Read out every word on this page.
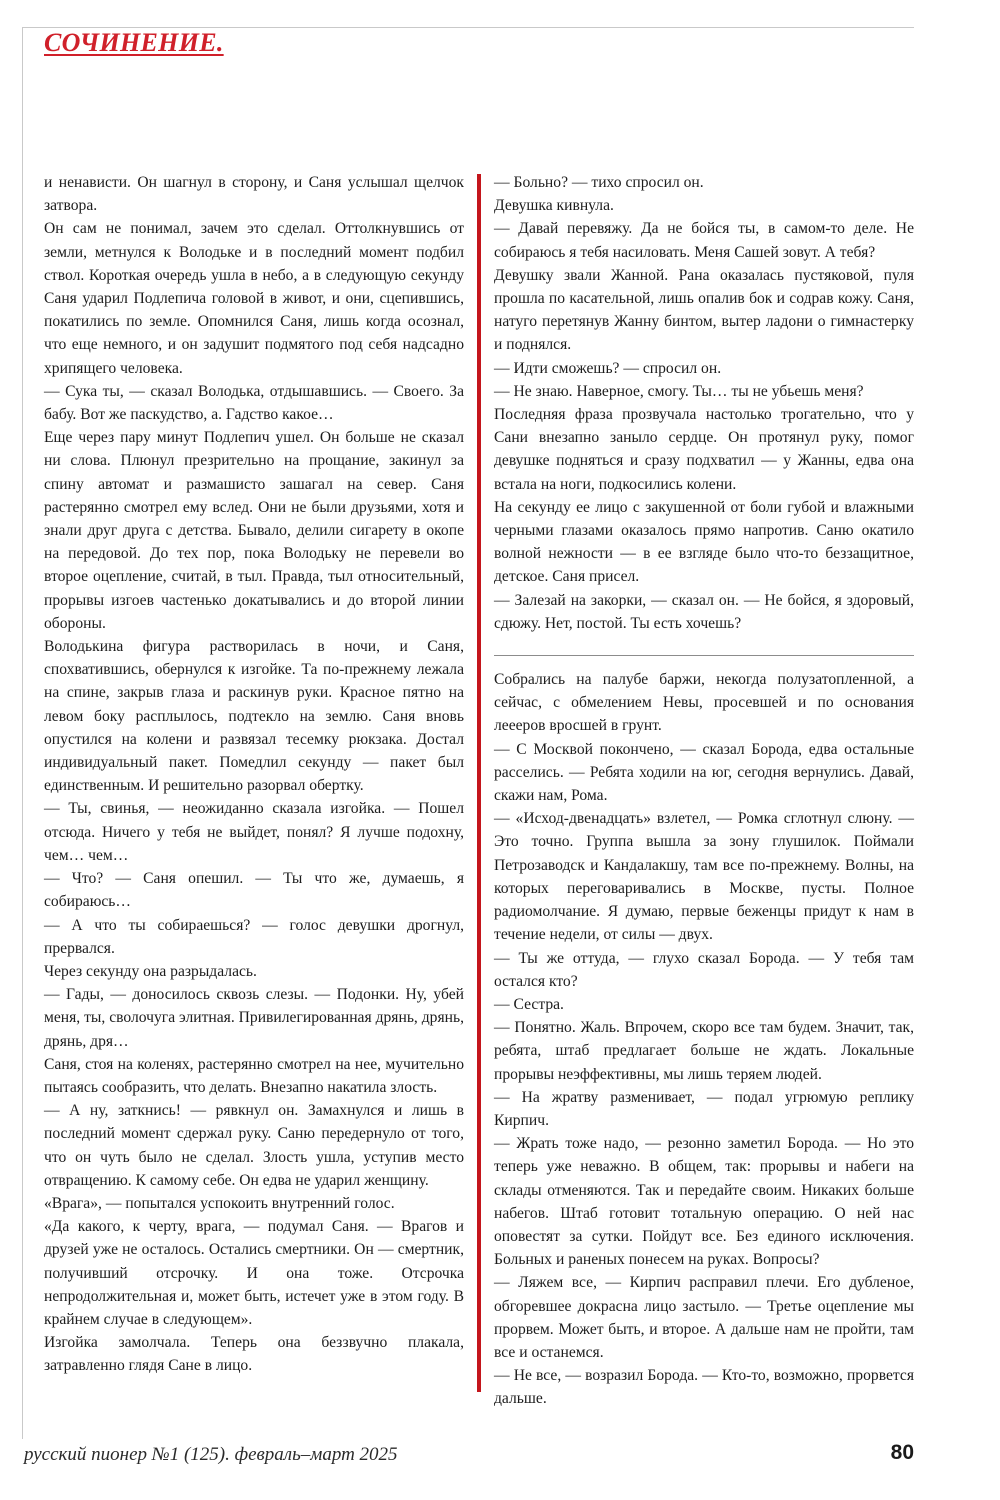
СОЧИНЕНИЕ.

и ненависти. Он шагнул в сторону, и Саня услышал щелчок затвора.

Он сам не понимал, зачем это сделал. Оттолкнувшись от земли, метнулся к Володьке и в последний момент подбил ствол. Короткая очередь ушла в небо, а в следующую секунду Саня ударил Подлепича головой в живот, и они, сцепившись, покатились по земле. Опомнился Саня, лишь когда осознал, что еще немного, и он задушит подмятого под себя надсадно хрипящего человека.

— Сука ты, — сказал Володька, отдышавшись. — Своего. За бабу. Вот же паскудство, а. Гадство какое…

Еще через пару минут Подлепич ушел. Он больше не сказал ни слова. Плюнул презрительно на прощание, закинул за спину автомат и размашисто зашагал на север. Саня растерянно смотрел ему вслед. Они не были друзьями, хотя и знали друг друга с детства. Бывало, делили сигарету в окопе на передовой. До тех пор, пока Володьку не перевели во второе оцепление, считай, в тыл. Правда, тыл относительный, прорывы изгоев частенько докатывались и до второй линии обороны.

Володькина фигура растворилась в ночи, и Саня, спохватившись, обернулся к изгойке. Та по-прежнему лежала на спине, закрыв глаза и раскинув руки. Красное пятно на левом боку расплылось, подтекло на землю. Саня вновь опустился на колени и развязал тесемку рюкзака. Достал индивидуальный пакет. Помедлил секунду — пакет был единственным. И решительно разорвал обертку.

— Ты, свинья, — неожиданно сказала изгойка. — Пошел отсюда. Ничего у тебя не выйдет, понял? Я лучше подохну, чем… чем…

— Что? — Саня опешил. — Ты что же, думаешь, я собираюсь…

— А что ты собираешься? — голос девушки дрогнул, прервался.

Через секунду она разрыдалась.

— Гады, — доносилось сквозь слезы. — Подонки. Ну, убей меня, ты, сволочуга элитная. Привилегированная дрянь, дрянь, дрянь, дря…

Саня, стоя на коленях, растерянно смотрел на нее, мучительно пытаясь сообразить, что делать. Внезапно накатила злость.

— А ну, заткнись! — рявкнул он. Замахнулся и лишь в последний момент сдержал руку. Саню передернуло от того, что он чуть было не сделал. Злость ушла, уступив место отвращению. К самому себе. Он едва не ударил женщину.

«Врага», — попытался успокоить внутренний голос.

«Да какого, к черту, врага, — подумал Саня. — Врагов и друзей уже не осталось. Остались смертники. Он — смертник, получивший отсрочку. И она тоже. Отсрочка непродолжительная и, может быть, истечет уже в этом году. В крайнем случае в следующем».

Изгойка замолчала. Теперь она беззвучно плакала, затравленно глядя Сане в лицо.

— Больно? — тихо спросил он.

Девушка кивнула.

— Давай перевяжу. Да не бойся ты, в самом-то деле. Не собираюсь я тебя насиловать. Меня Сашей зовут. А тебя?

Девушку звали Жанной. Рана оказалась пустяковой, пуля прошла по касательной, лишь опалив бок и содрав кожу. Саня, натуго перетянув Жанну бинтом, вытер ладони о гимнастерку и поднялся.

— Идти сможешь? — спросил он.

— Не знаю. Наверное, смогу. Ты… ты не убьешь меня?

Последняя фраза прозвучала настолько трогательно, что у Сани внезапно заныло сердце. Он протянул руку, помог девушке подняться и сразу подхватил — у Жанны, едва она встала на ноги, подкосились колени.

На секунду ее лицо с закушенной от боли губой и влажными черными глазами оказалось прямо напротив. Саню окатило волной нежности — в ее взгляде было что-то беззащитное, детское. Саня присел.

— Залезай на закорки, — сказал он. — Не бойся, я здоровый, сдюжу. Нет, постой. Ты есть хочешь?

Собрались на палубе баржи, некогда полузатопленной, а сейчас, с обмелением Невы, просевшей и по основания леееров вросшей в грунт.

— С Москвой покончено, — сказал Борода, едва остальные расселись. — Ребята ходили на юг, сегодня вернулись. Давай, скажи нам, Рома.

— «Исход-двенадцать» взлетел, — Ромка сглотнул слюну. — Это точно. Группа вышла за зону глушилок. Поймали Петрозаводск и Кандалакшу, там все по-прежнему. Волны, на которых переговаривались в Москве, пусты. Полное радиомолчание. Я думаю, первые беженцы придут к нам в течение недели, от силы — двух.

— Ты же оттуда, — глухо сказал Борода. — У тебя там остался кто?

— Сестра.

— Понятно. Жаль. Впрочем, скоро все там будем. Значит, так, ребята, штаб предлагает больше не ждать. Локальные прорывы неэффективны, мы лишь теряем людей.

— На жратву разменивает, — подал угрюмую реплику Кирпич.

— Жрать тоже надо, — резонно заметил Борода. — Но это теперь уже неважно. В общем, так: прорывы и набеги на склады отменяются. Так и передайте своим. Никаких больше набегов. Штаб готовит тотальную операцию. О ней нас оповестят за сутки. Пойдут все. Без единого исключения. Больных и раненых понесем на руках. Вопросы?

— Ляжем все, — Кирпич расправил плечи. Его дубленое, обгоревшее докрасна лицо застыло. — Третье оцепление мы прорвем. Может быть, и второе. А дальше нам не пройти, там все и останемся.

— Не все, — возразил Борода. — Кто-то, возможно, прорвется дальше.

русский пионер №1 (125). февраль–март 2025	80
